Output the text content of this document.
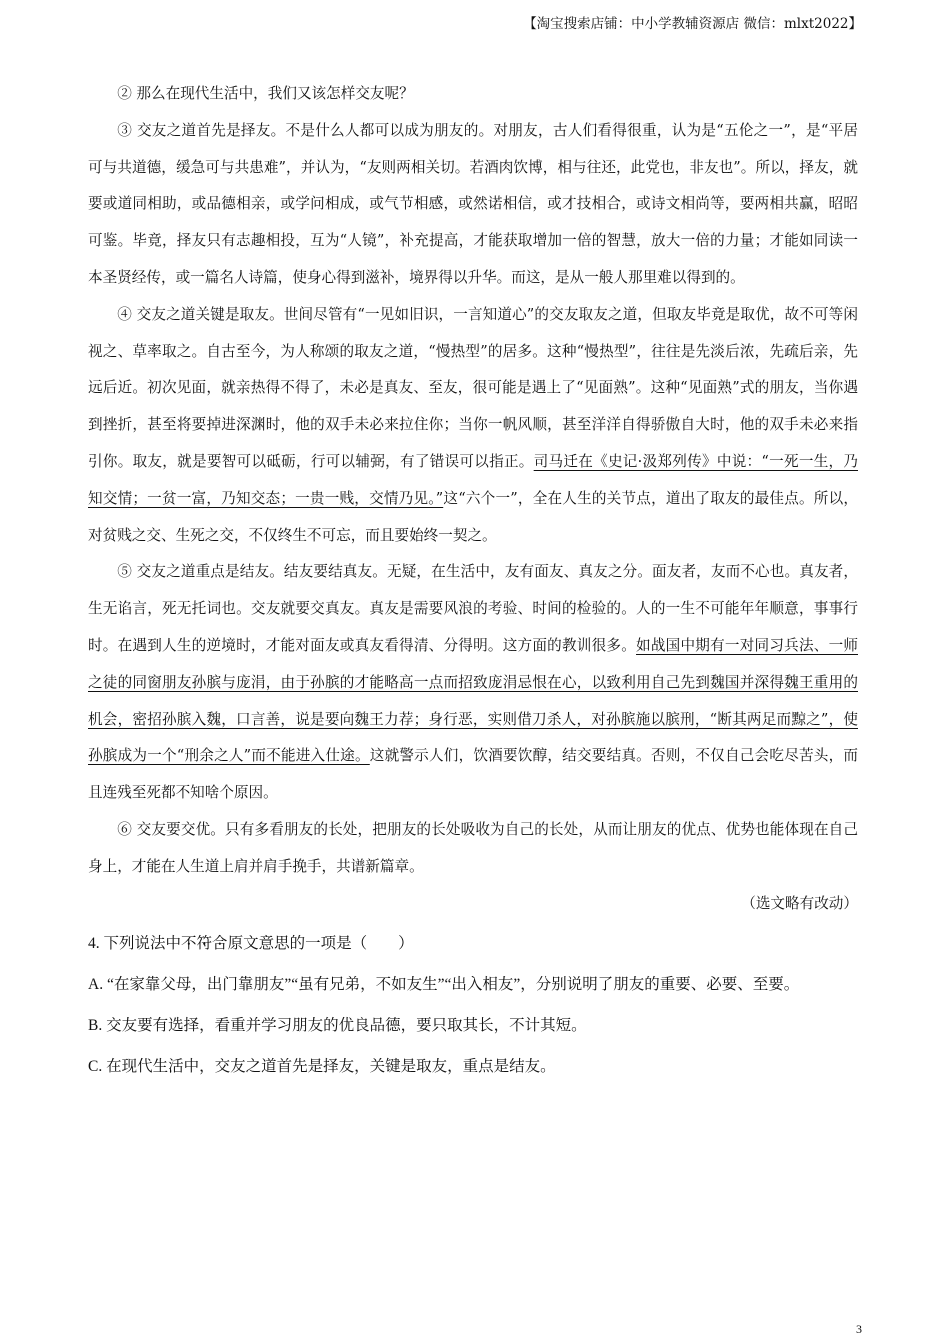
【淘宝搜索店铺：中小学教辅资源店 微信：mlxt2022】

② 那么在现代生活中，我们又该怎样交友呢？

③ 交友之道首先是择友。不是什么人都可以成为朋友的。对朋友，古人们看得很重，认为是“五伦之一”，是“平居可与共道德，缓急可与共患难”，并认为，“友则两相关切。若酒肉饮博，相与往还，此党也，非友也”。所以，择友，就要或道同相助，或品德相亲，或学问相成，或气节相感，或然诺相信，或才技相合，或诗文相尚等，要两相共赢，昭昭可鉴。毕竟，择友只有志趣相投，互为“人镜”，补充提高，才能获取增加一倍的智慧，放大一倍的力量；才能如同读一本圣贤经传，或一篇名人诗篇，使身心得到滋补，境界得以升华。而这，是从一般人那里难以得到的。

④ 交友之道关键是取友。世间尽管有“一见如旧识，一言知道心”的交友取友之道，但取友毕竟是取优，故不可等闲视之、草率取之。自古至今，为人称颂的取友之道，“慢热型”的居多。这种“慢热型”，往往是先淡后浓，先疏后亲，先远后近。初次见面，就亲热得不得了，未必是真友、至友，很可能是遇上了“见面熟”。这种“见面熟”式的朋友，当你遇到挫折，甚至将要掉进深渊时，他的双手未必来拉住你；当你一帆风顺，甚至洋洋自得骄傲自大时，他的双手未必来指引你。取友，就是要智可以砥砺，行可以辅弼，有了错误可以指正。司马迁在《史记·汲郑列传》中说：“一死一生，乃知交情；一贫一富，乃知交态；一贵一贱，交情乃见。”这“六个一”，全在人生的关节点，道出了取友的最佳点。所以，对贫贱之交、生死之交，不仅终生不可忘，而且要始终一契之。

⑤ 交友之道重点是结友。结友要结真友。无疑，在生活中，友有面友、真友之分。面友者，友而不心也。真友者，生无谄言，死无托词也。交友就要交真友。真友是需要风浪的考验、时间的检验的。人的一生不可能年年顺意，事事行时。在遇到人生的逆境时，才能对面友或真友看得清、分得明。这方面的教训很多。如战国中期有一对同习兵法、一师之徒的同窗朋友孙膑与庞涓，由于孙膑的才能略高一点而招致庞涓忌恨在心，以致利用自己先到魏国并深得魏王重用的机会，密招孙膑入魏，口言善，说是要向魏王力荐；身行恶，实则借刀杀人，对孙膑施以膑刑，“断其两足而黥之”，使孙膑成为一个“刑余之人”而不能进入仕途。这就警示人们，饮酒要饮醇，结交要结真。否则，不仅自己会吃尽苦头，而且连残至死都不知啥个原因。

⑥ 交友要交优。只有多看朋友的长处，把朋友的长处吸收为自己的长处，从而让朋友的优点、优势也能体现在自己身上，才能在人生道上肩并肩手挽手，共谱新篇章。

（选文略有改动）

4. 下列说法中不 •符 •合 •原文意思的一项是（　　）

A. “在家靠父母，出门靠朋友”“虽有兄弟，不如友生”“出入相友”，分别说明了朋友的重要、必要、至要。

B. 交友要有选择，看重并学习朋友的优良品德，要只取其长，不计其短。

C. 在现代生活中，交友之道首先是择友，关键是取友，重点是结友。

3
